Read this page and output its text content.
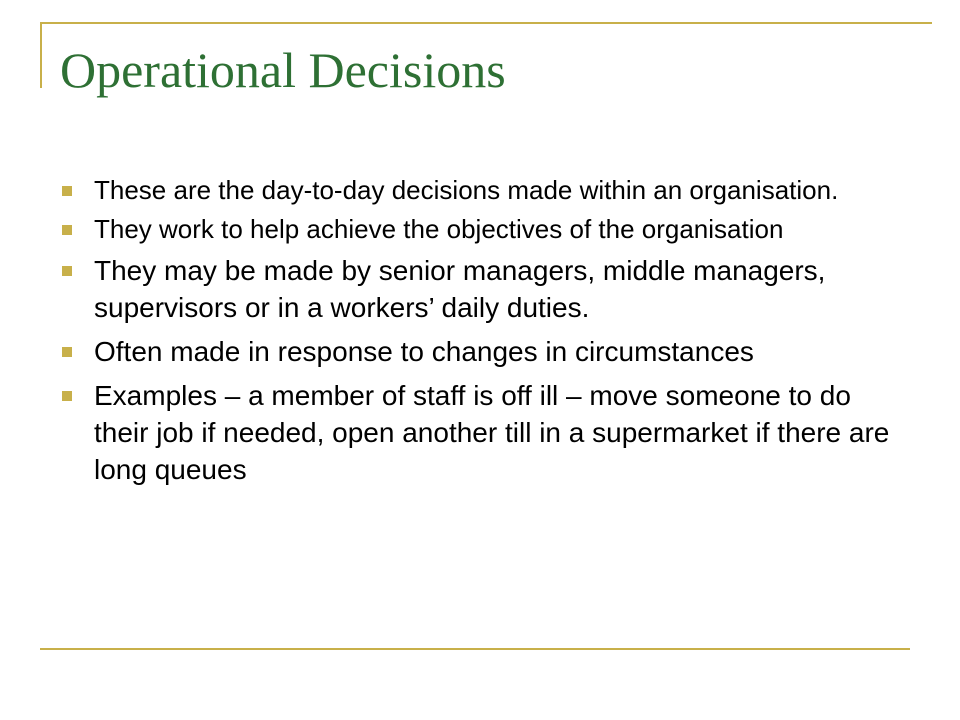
Operational Decisions
These are the day-to-day decisions made within an organisation.
They work to help achieve the objectives of the organisation
They may be made by senior managers, middle managers, supervisors or in a workers’ daily duties.
Often made in response to changes in circumstances
Examples – a member of staff is off ill – move someone to do their job if needed, open another till in a supermarket if there are long queues
